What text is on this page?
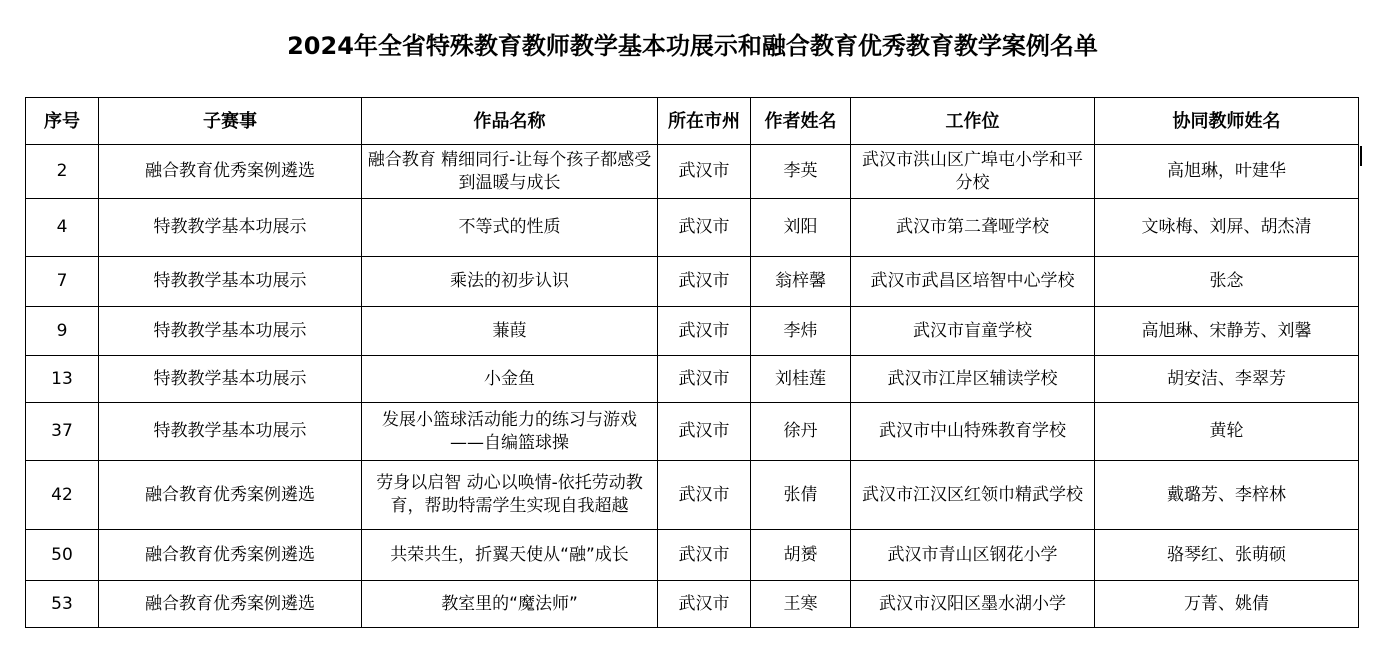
2024年全省特殊教育教师教学基本功展示和融合教育优秀教育教学案例名单
序号	子赛事	作品名称	所在市州	作者姓名	工作位	协同教师姓名
2	融合教育优秀案例遴选	融合教育 精细同行-让每个孩子都感受到温暖与成长	武汉市	李英	武汉市洪山区广埠屯小学和平分校	高旭琳，叶建华
4	特教教学基本功展示	不等式的性质	武汉市	刘阳	武汉市第二聋哑学校	文咏梅、刘屏、胡杰清
7	特教教学基本功展示	乘法的初步认识	武汉市	翁梓馨	武汉市武昌区培智中心学校	张念
9	特教教学基本功展示	蒹葭	武汉市	李炜	武汉市盲童学校	高旭琳、宋静芳、刘馨
13	特教教学基本功展示	小金鱼	武汉市	刘桂莲	武汉市江岸区辅读学校	胡安洁、李翠芳
37	特教教学基本功展示	发展小篮球活动能力的练习与游戏——自编篮球操	武汉市	徐丹	武汉市中山特殊教育学校	黄轮
42	融合教育优秀案例遴选	劳身以启智 动心以唤情-依托劳动教育，帮助特需学生实现自我超越	武汉市	张倩	武汉市江汉区红领巾精武学校	戴璐芳、李梓林
50	融合教育优秀案例遴选	共荣共生，折翼天使从“融”成长	武汉市	胡赟	武汉市青山区钢花小学	骆琴红、张萌硕
53	融合教育优秀案例遴选	教室里的“魔法师”	武汉市	王寒	武汉市汉阳区墨水湖小学	万菁、姚倩
